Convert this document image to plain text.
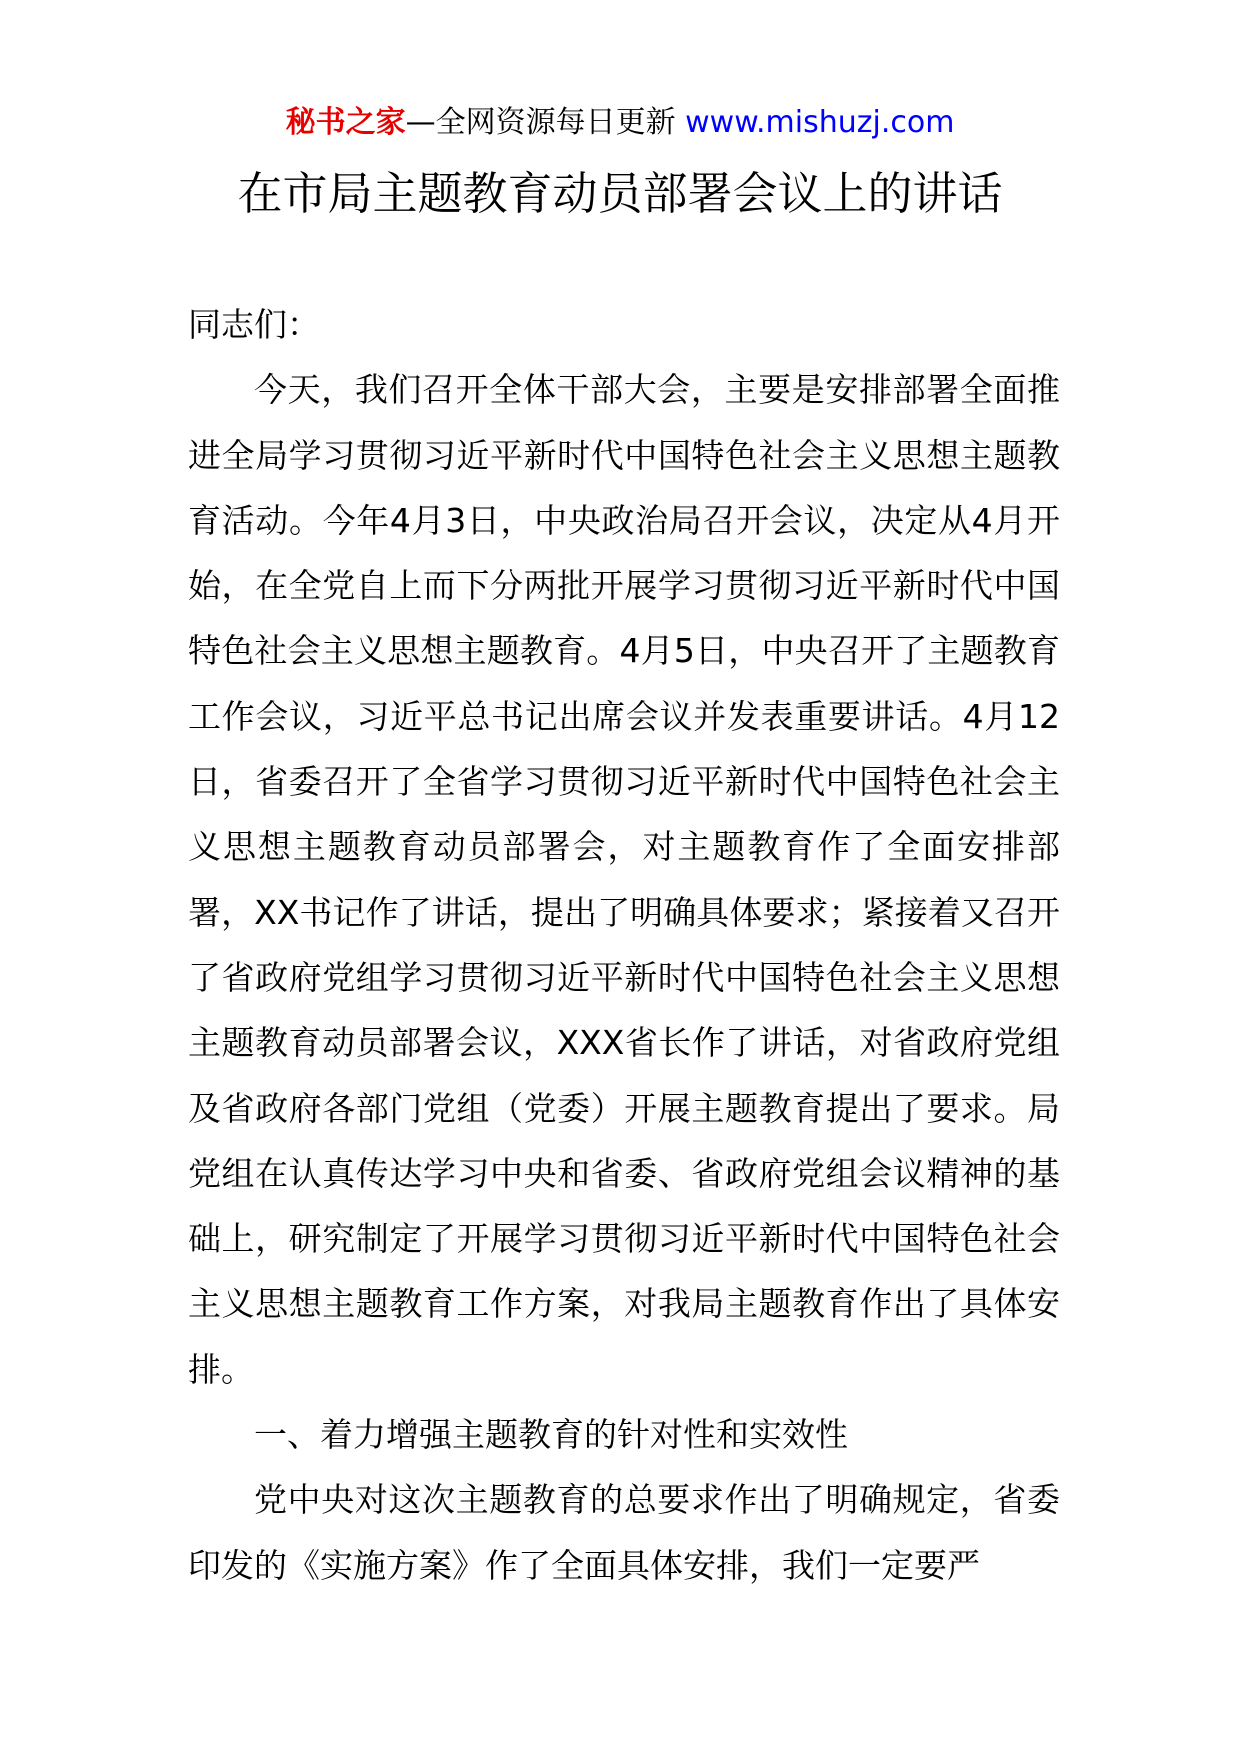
秘书之家—全网资源每日更新 www.mishuzj.com
在市局主题教育动员部署会议上的讲话

同志们：

今天，我们召开全体干部大会，主要是安排部署全面推进全局学习贯彻习近平新时代中国特色社会主义思想主题教育活动。今年4月3日，中央政治局召开会议，决定从4月开始，在全党自上而下分两批开展学习贯彻习近平新时代中国特色社会主义思想主题教育。4月5日，中央召开了主题教育工作会议，习近平总书记出席会议并发表重要讲话。4月12日，省委召开了全省学习贯彻习近平新时代中国特色社会主义思想主题教育动员部署会，对主题教育作了全面安排部署，XX书记作了讲话，提出了明确具体要求；紧接着又召开了省政府党组学习贯彻习近平新时代中国特色社会主义思想主题教育动员部署会议，XXX省长作了讲话，对省政府党组及省政府各部门党组（党委）开展主题教育提出了要求。局党组在认真传达学习中央和省委、省政府党组会议精神的基础上，研究制定了开展学习贯彻习近平新时代中国特色社会主义思想主题教育工作方案，对我局主题教育作出了具体安排。

一、着力增强主题教育的针对性和实效性

党中央对这次主题教育的总要求作出了明确规定，省委印发的《实施方案》作了全面具体安排，我们一定要严
